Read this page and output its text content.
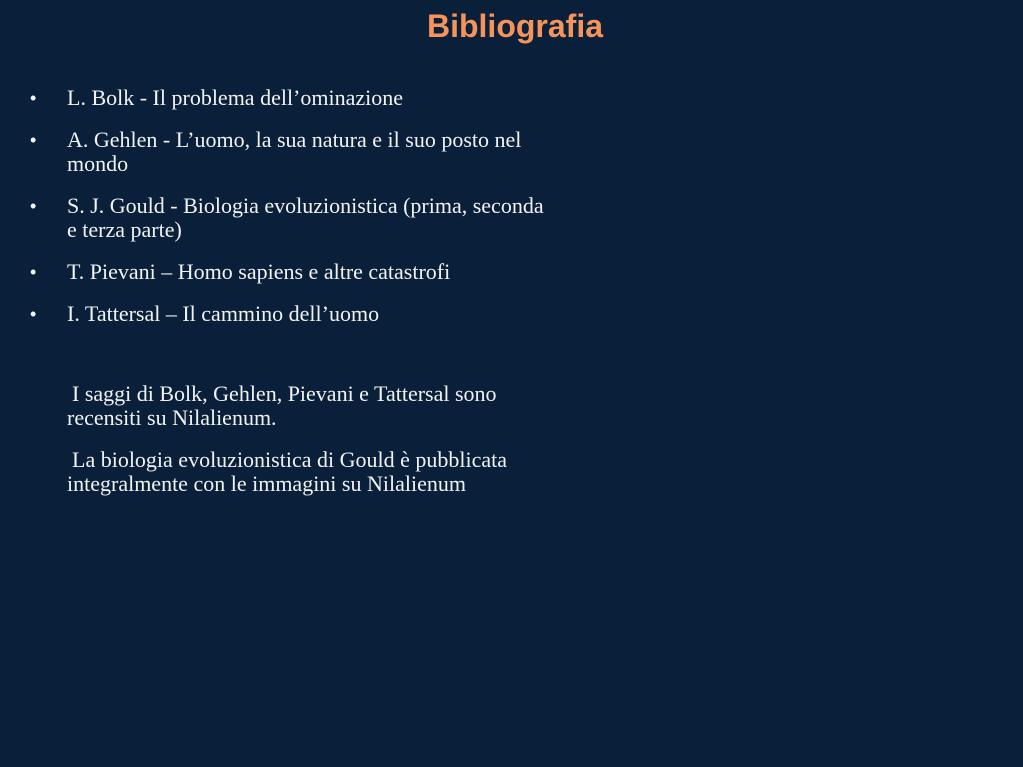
Bibliografia
•	L. Bolk - Il problema dell’ominazione
•	A. Gehlen - L’uomo, la sua natura e il suo posto nel mondo
•	S. J. Gould - Biologia evoluzionistica (prima, seconda e terza parte)
•	T. Pievani – Homo sapiens e altre catastrofi
•	I. Tattersal – Il cammino dell’uomo

I saggi di Bolk, Gehlen, Pievani e Tattersal sono recensiti su Nilalienum.

La biologia evoluzionistica di Gould è pubblicata integralmente con le immagini su Nilalienum
